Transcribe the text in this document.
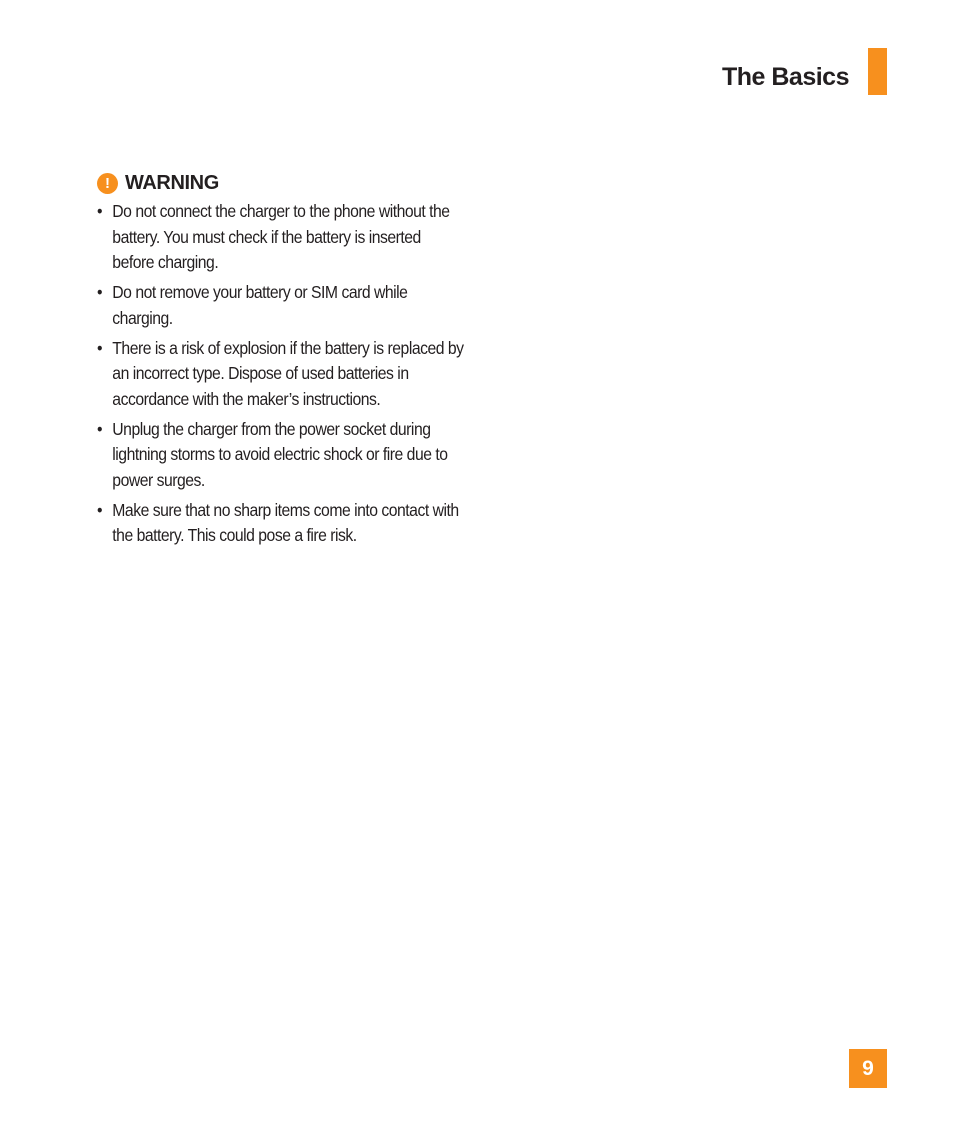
The Basics
! WARNING
• Do not connect the charger to the phone without the battery. You must check if the battery is inserted before charging.
• Do not remove your battery or SIM card while charging.
• There is a risk of explosion if the battery is replaced by an incorrect type. Dispose of used batteries in accordance with the maker’s instructions.
• Unplug the charger from the power socket during lightning storms to avoid electric shock or fire due to power surges.
• Make sure that no sharp items come into contact with the battery. This could pose a fire risk.
9
